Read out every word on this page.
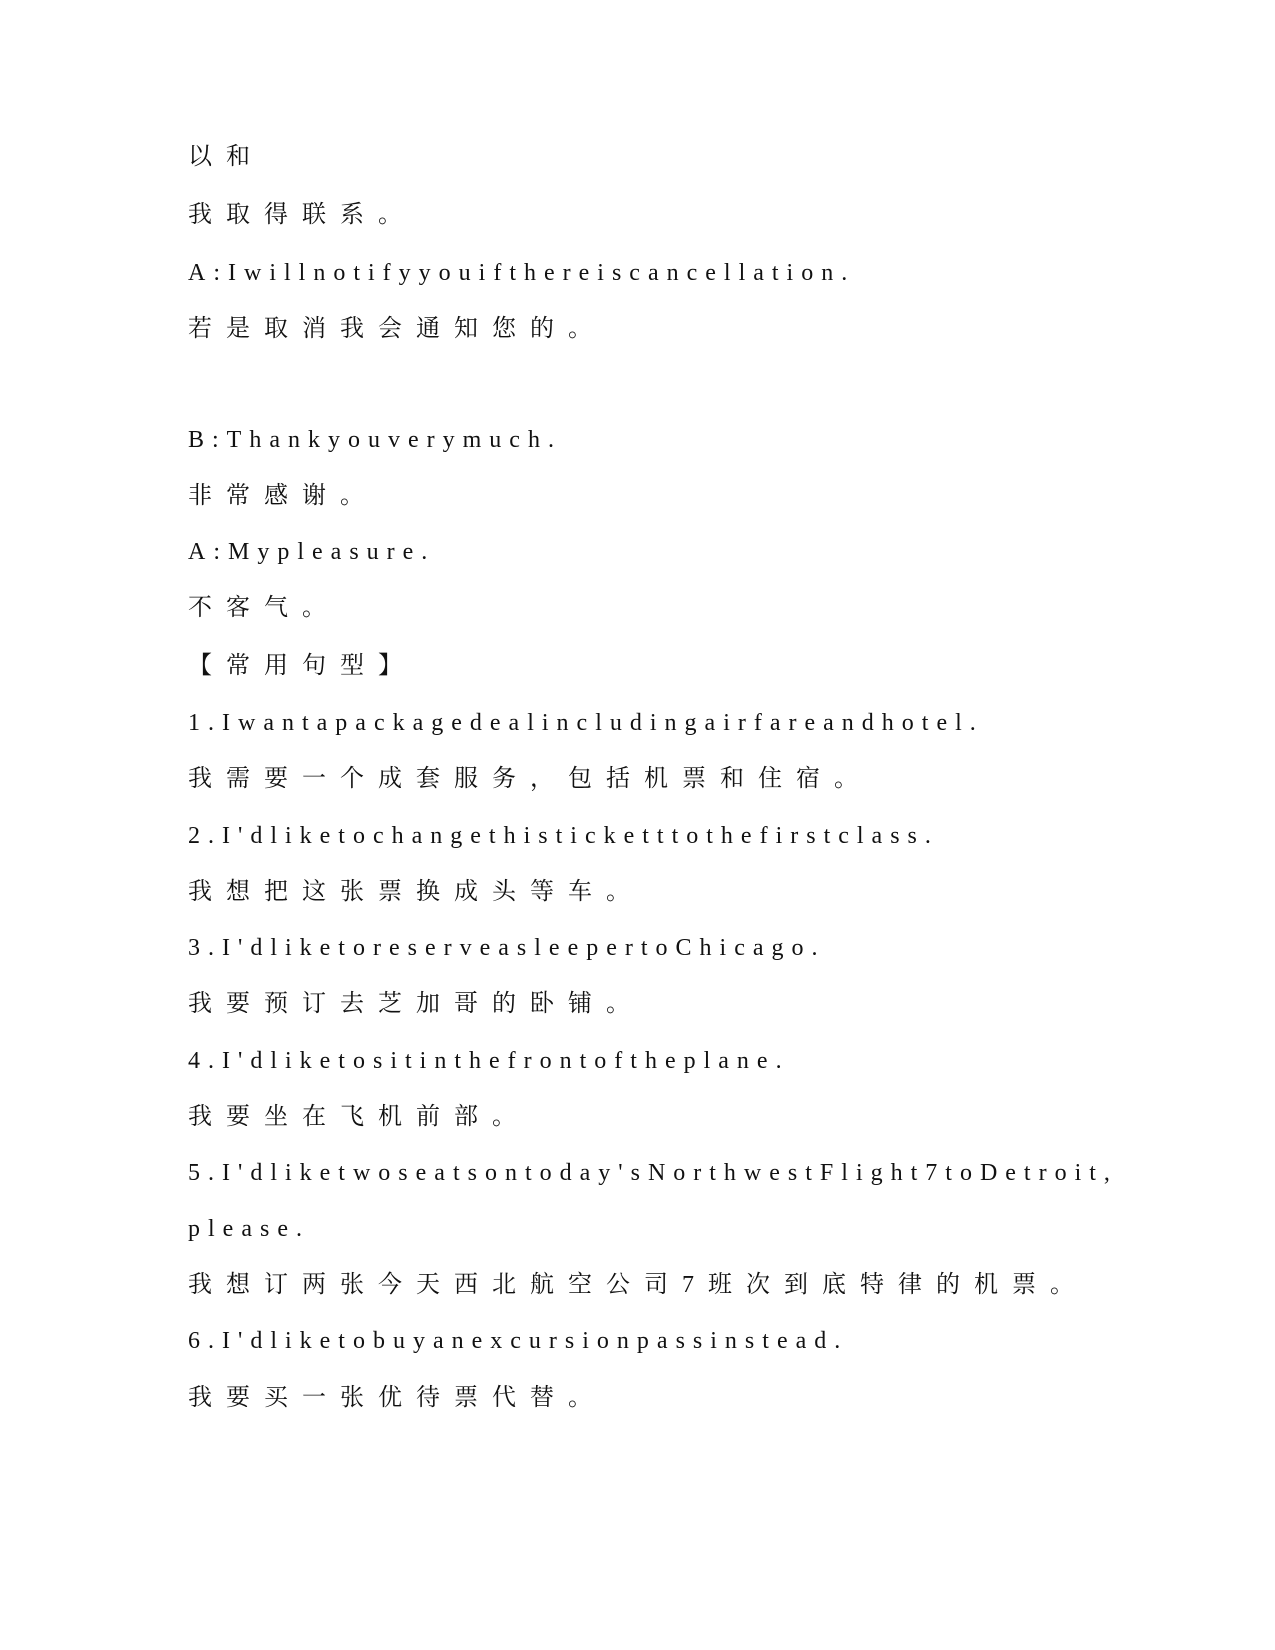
以和
我取得联系。
A:Iwillnotifyyouifthereiscancellation.
若是取消我会通知您的。
B:Thankyouverymuch.
非常感谢。
A:Mypleasure.
不客气。
【常用句型】
1.Iwantapackagedealincludingairfareandhotel.
我需要一个成套服务，包括机票和住宿。
2.I'dliketochangethisticketttothefirstclass.
我想把这张票换成头等车。
3.I'dliketoreserveasleepertoChicago.
我要预订去芝加哥的卧铺。
4.I'dliketositinthefrontoftheplane.
我要坐在飞机前部。
5.I'dliketwoseatsontoday'sNorthwestFlight7toDetroit,
please.
我想订两张今天西北航空公司7班次到底特律的机票。
6.I'dliketobuyanexcursionpassinstead.
我要买一张优待票代替。
